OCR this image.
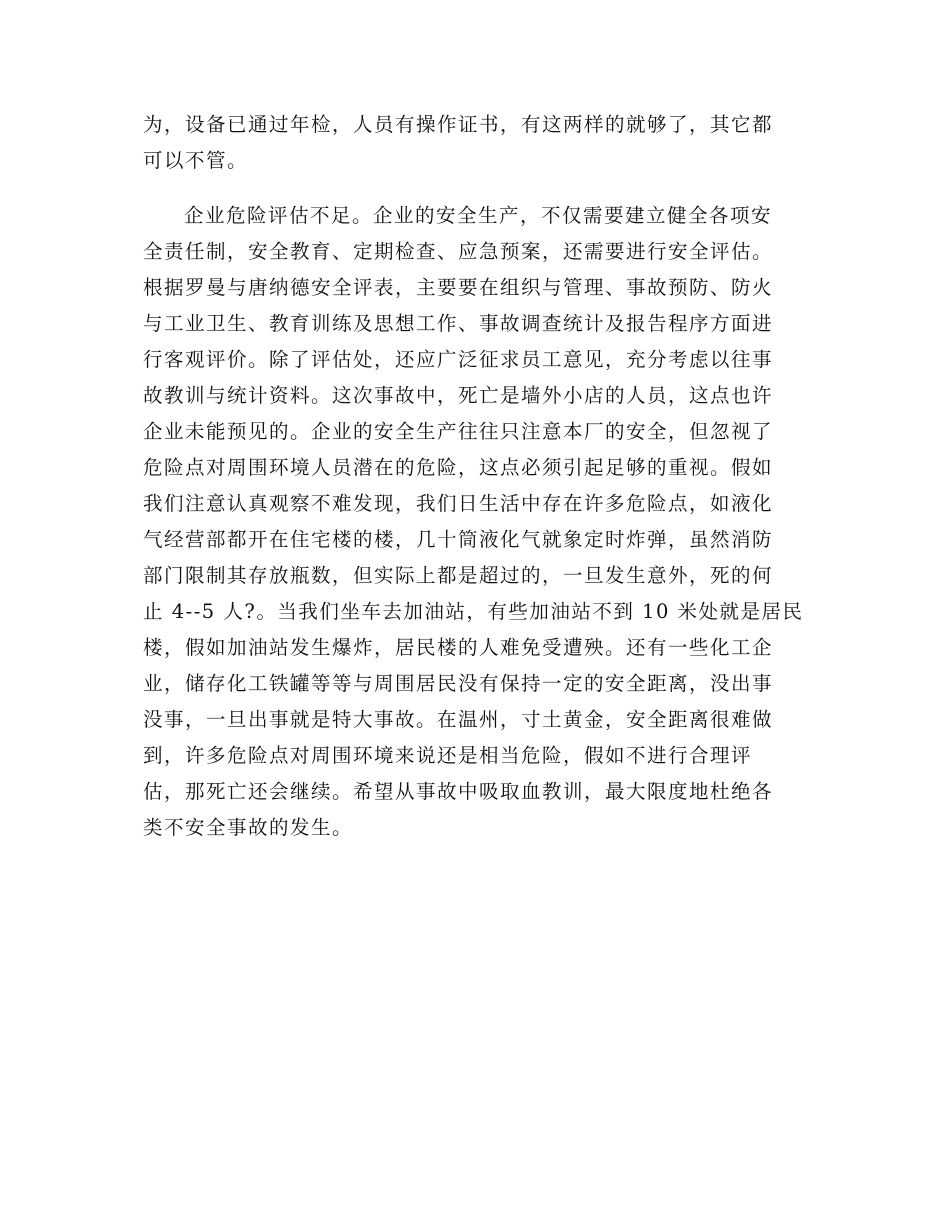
为，设备已通过年检，人员有操作证书，有这两样的就够了，其它都
可以不管。
企业危险评估不足。企业的安全生产，不仅需要建立健全各项安
全责任制，安全教育、定期检查、应急预案，还需要进行安全评估。
根据罗曼与唐纳德安全评表，主要要在组织与管理、事故预防、防火
与工业卫生、教育训练及思想工作、事故调查统计及报告程序方面进
行客观评价。除了评估处，还应广泛征求员工意见，充分考虑以往事
故教训与统计资料。这次事故中，死亡是墙外小店的人员，这点也许
企业未能预见的。企业的安全生产往往只注意本厂的安全，但忽视了
危险点对周围环境人员潜在的危险，这点必须引起足够的重视。假如
我们注意认真观察不难发现，我们日生活中存在许多危险点，如液化
气经营部都开在住宅楼的楼，几十筒液化气就象定时炸弹，虽然消防
部门限制其存放瓶数，但实际上都是超过的，一旦发生意外，死的何
止 4--5 人?。当我们坐车去加油站，有些加油站不到 10 米处就是居民
楼，假如加油站发生爆炸，居民楼的人难免受遭殃。还有一些化工企
业，储存化工铁罐等等与周围居民没有保持一定的安全距离，没出事
没事，一旦出事就是特大事故。在温州，寸土黄金，安全距离很难做
到，许多危险点对周围环境来说还是相当危险，假如不进行合理评
估，那死亡还会继续。希望从事故中吸取血教训，最大限度地杜绝各
类不安全事故的发生。
